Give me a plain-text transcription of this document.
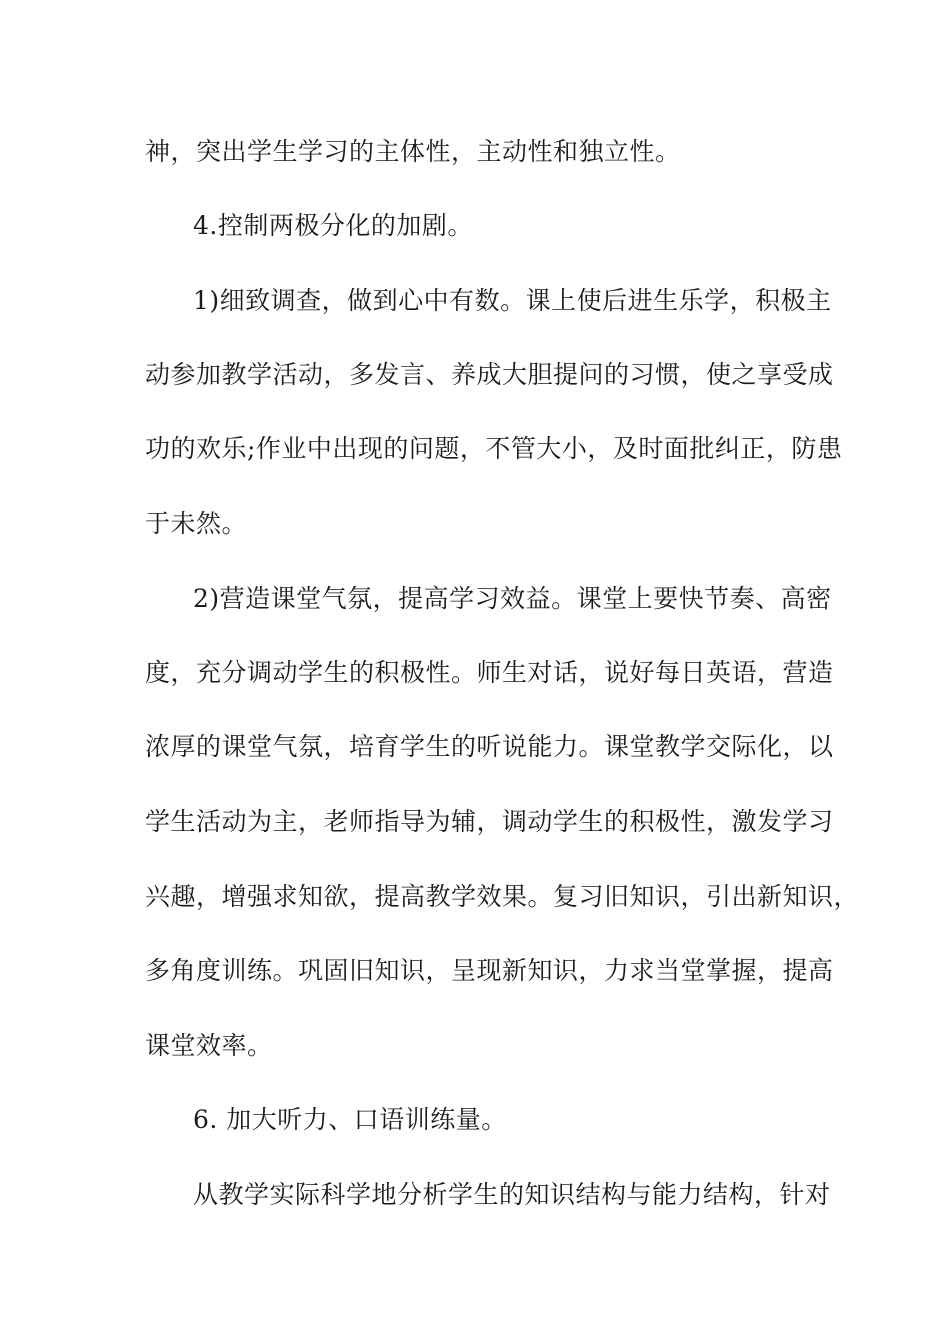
神，突出学生学习的主体性，主动性和独立性。
4.控制两极分化的加剧。
1)细致调查，做到心中有数。课上使后进生乐学，积极主
动参加教学活动，多发言、养成大胆提问的习惯，使之享受成
功的欢乐;作业中出现的问题，不管大小，及时面批纠正，防患
于未然。
2)营造课堂气氛，提高学习效益。课堂上要快节奏、高密
度，充分调动学生的积极性。师生对话，说好每日英语，营造
浓厚的课堂气氛，培育学生的听说能力。课堂教学交际化，以
学生活动为主，老师指导为辅，调动学生的积极性，激发学习
兴趣，增强求知欲，提高教学效果。复习旧知识，引出新知识，
多角度训练。巩固旧知识，呈现新知识，力求当堂掌握，提高
课堂效率。
6. 加大听力、口语训练量。
从教学实际科学地分析学生的知识结构与能力结构，针对
